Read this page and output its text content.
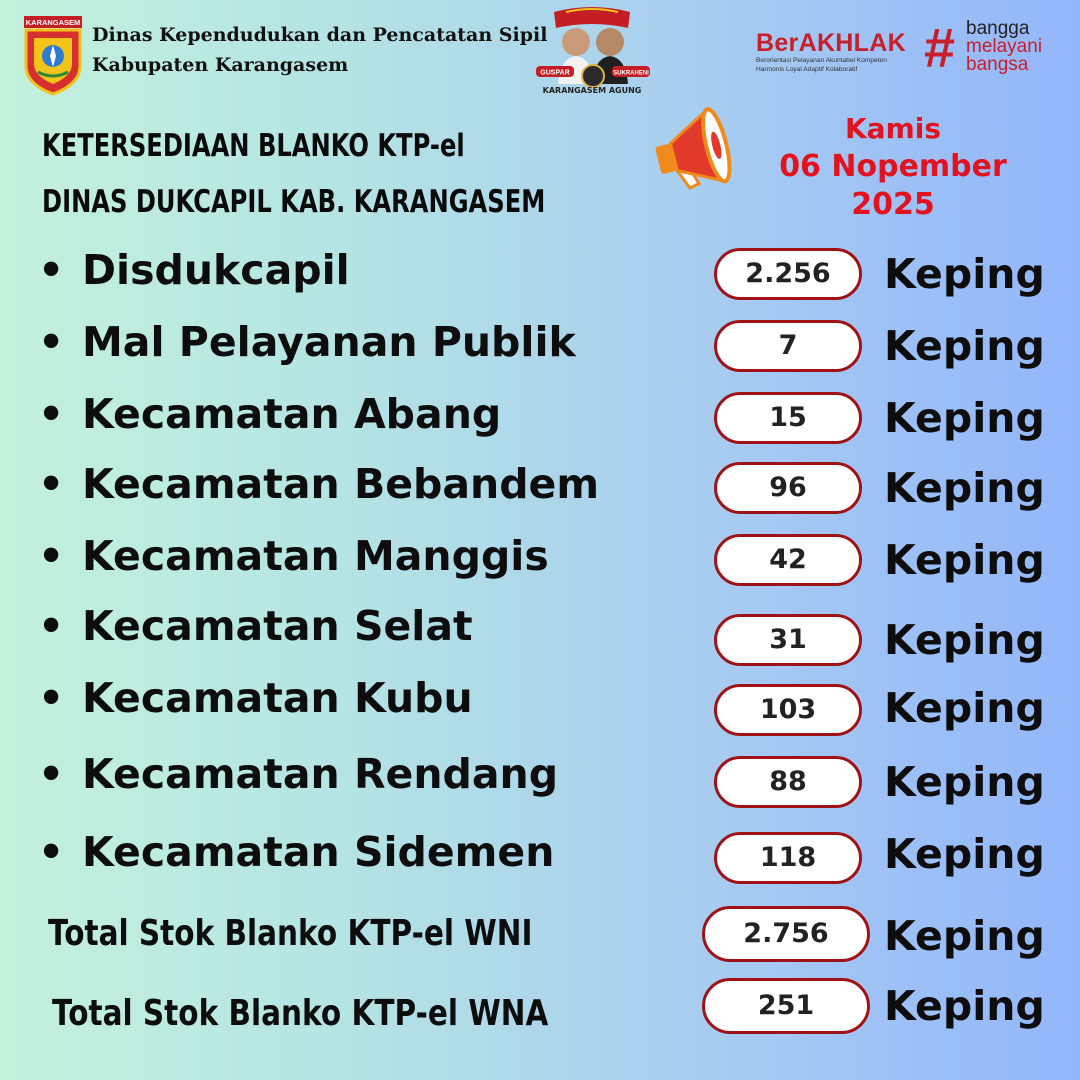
KARANGASEM
Dinas Kependudukan dan Pencatatan Sipil
Kabupaten Karangasem	GUSPAR	SUKRAHENI
KARANGASEM AGUNG
BerAKHLAK
Berorientasi Pelayanan Akuntabel Kompeten
Harmonis Loyal Adaptif Kolaboratif	# bangga
melayani
bangsa
KETERSEDIAAN BLANKO KTP-el
DINAS DUKCAPIL KAB. KARANGASEM
Kamis
06 Nopember 2025
• Disdukcapil	2.256	Keping
• Mal Pelayanan Publik	7	Keping
• Kecamatan Abang	15	Keping
• Kecamatan Bebandem	96	Keping
• Kecamatan Manggis	42	Keping
• Kecamatan Selat	31	Keping
• Kecamatan Kubu	103	Keping
• Kecamatan Rendang	88	Keping
• Kecamatan Sidemen	118	Keping
Total Stok Blanko KTP-el WNI	2.756	Keping
Total Stok Blanko KTP-el WNA	251	Keping
